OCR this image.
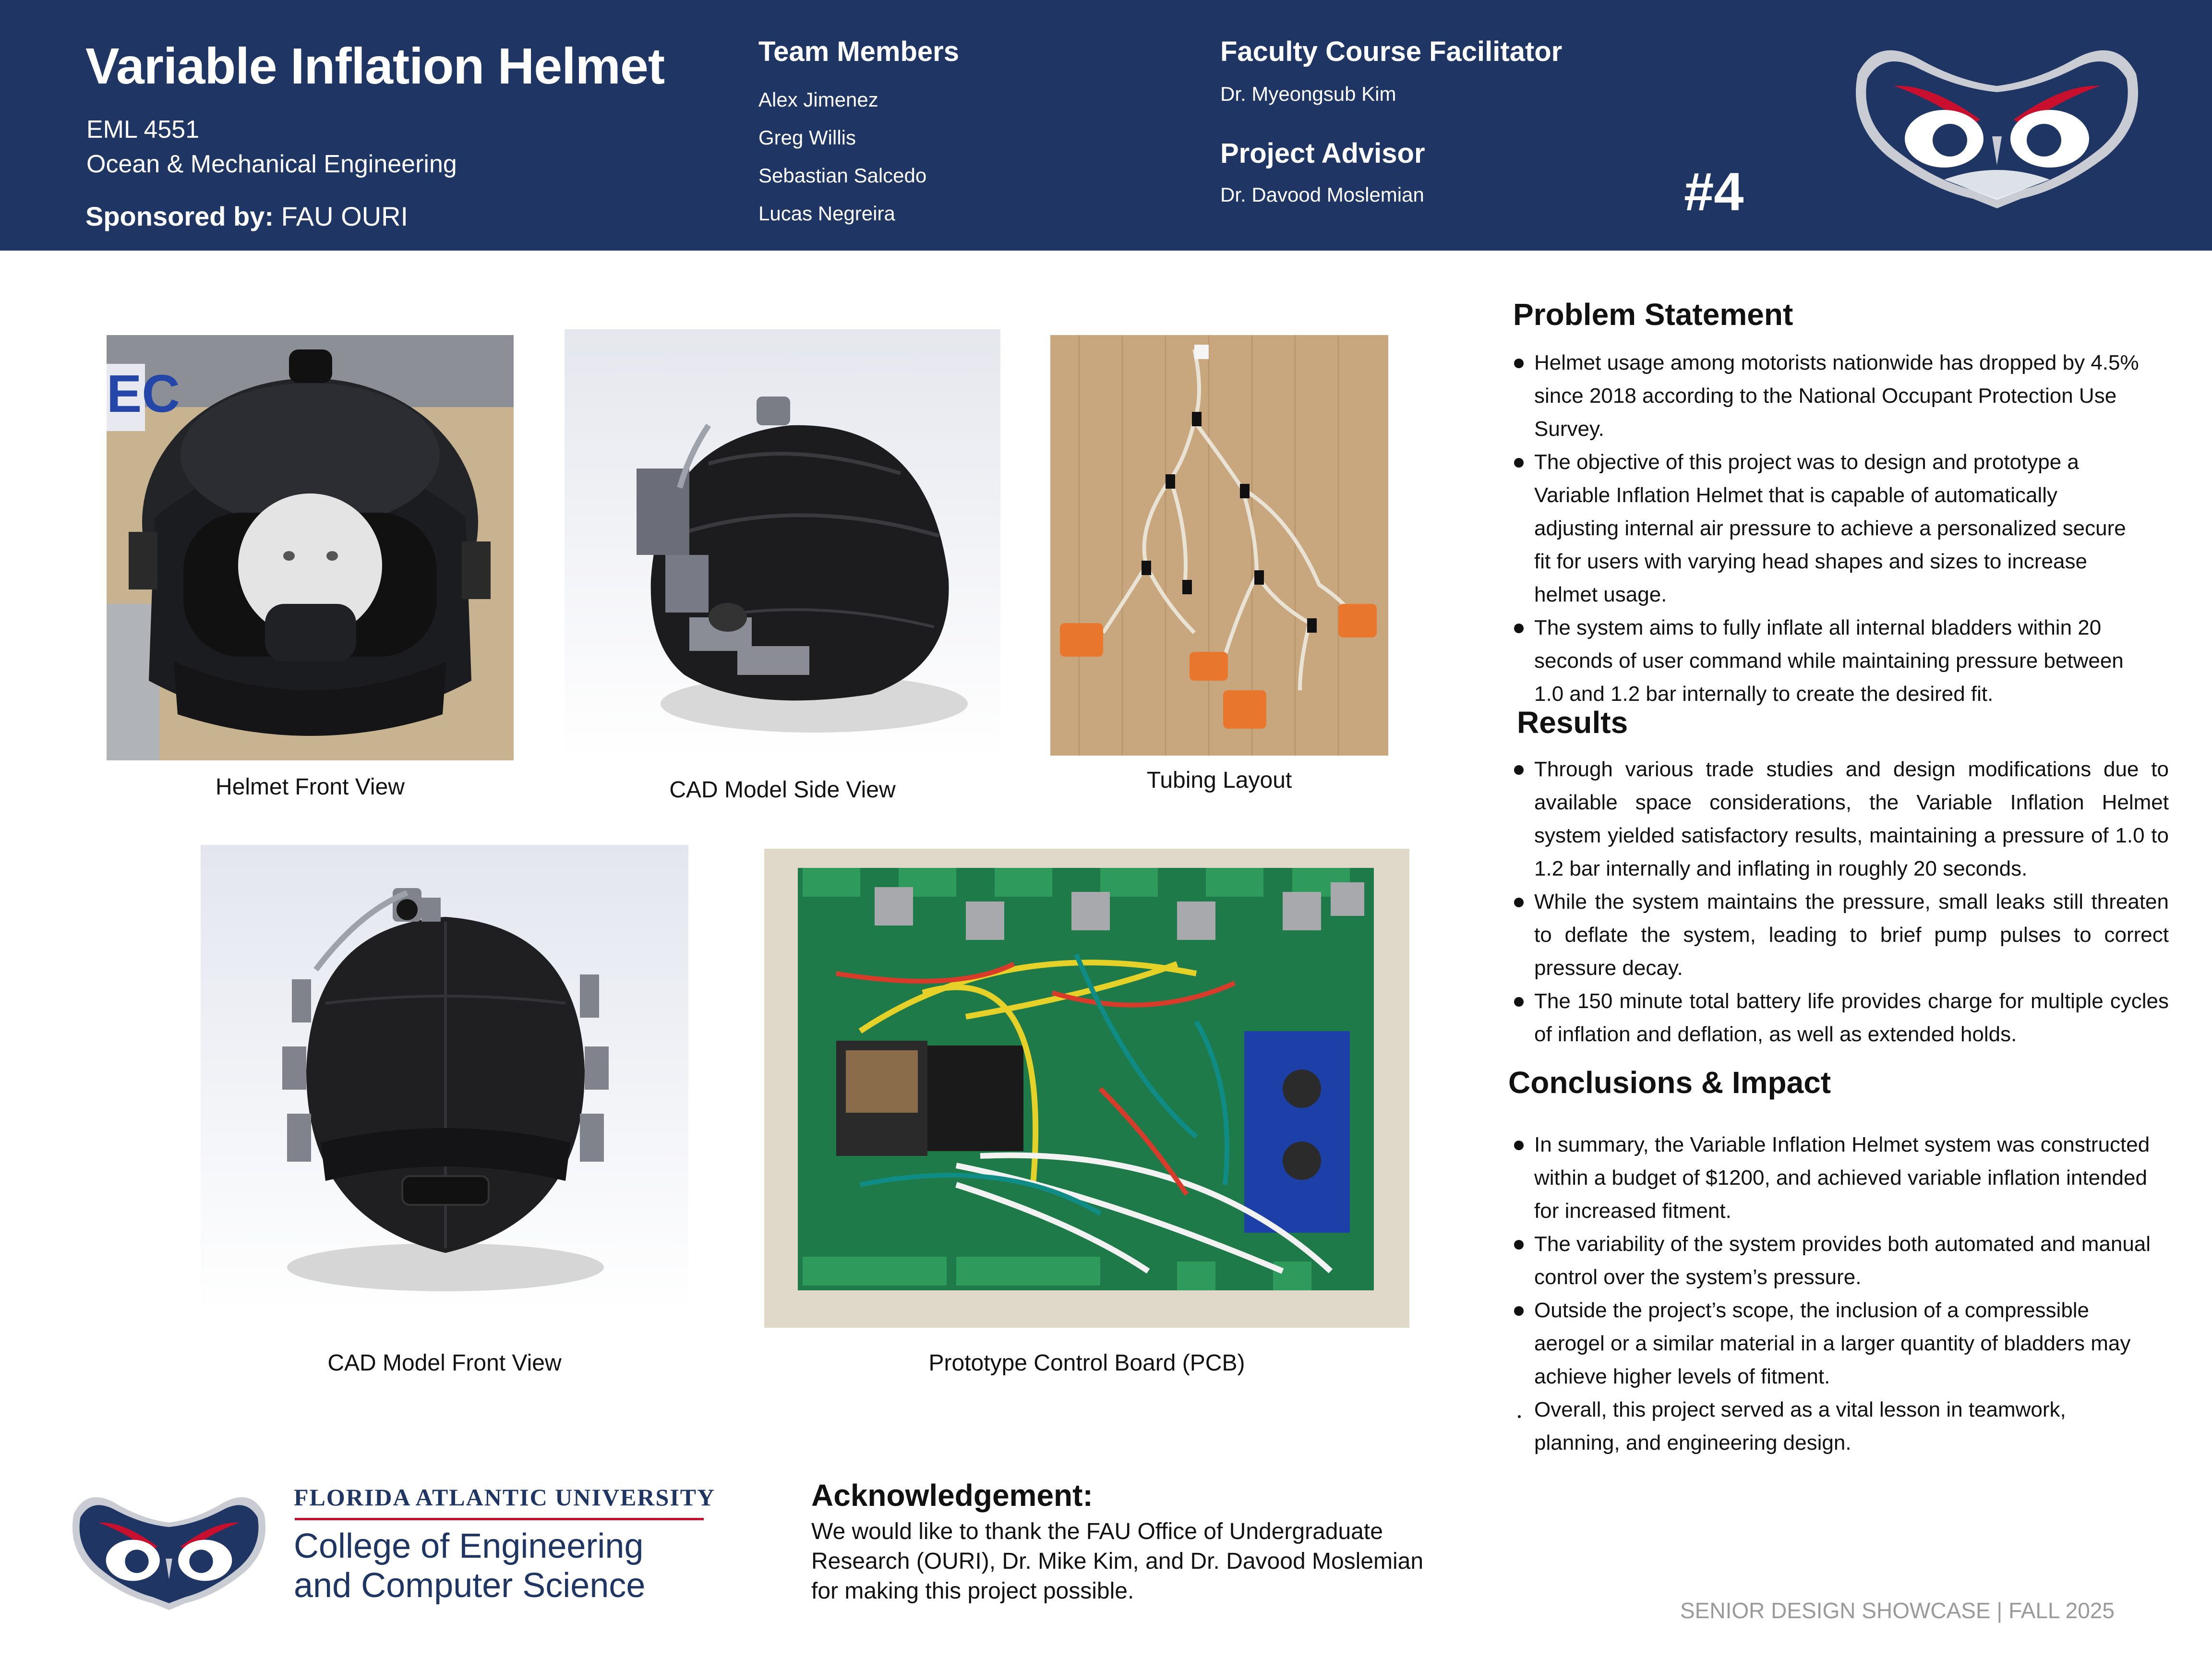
Variable Inflation Helmet
EML 4551
Ocean & Mechanical Engineering
Sponsored by: FAU OURI
Team Members
Alex Jimenez
Greg Willis
Sebastian Salcedo
Lucas Negreira
Faculty Course Facilitator
Dr. Myeongsub Kim
Project Advisor
Dr. Davood Moslemian	#4
EC
Helmet Front View	CAD Model Side View	Tubing Layout
CAD Model Front View	Prototype Control Board (PCB)
Problem Statement
Helmet usage among motorists nationwide has dropped by 4.5% since 2018 according to the National Occupant Protection Use Survey.
The objective of this project was to design and prototype a Variable Inflation Helmet that is capable of automatically adjusting internal air pressure to achieve a personalized secure fit for users with varying head shapes and sizes to increase helmet usage.
The system aims to fully inflate all internal bladders within 20 seconds of user command while maintaining pressure between 1.0 and 1.2 bar internally to create the desired fit.
Results
Through various trade studies and design modifications due to available space considerations, the Variable Inflation Helmet system yielded satisfactory results, maintaining a pressure of 1.0 to 1.2 bar internally and inflating in roughly 20 seconds.
While the system maintains the pressure, small leaks still threaten to deflate the system, leading to brief pump pulses to correct pressure decay.
The 150 minute total battery life provides charge for multiple cycles of inflation and deflation, as well as extended holds.
Conclusions & Impact
In summary, the Variable Inflation Helmet system was constructed within a budget of $1200, and achieved variable inflation intended for increased fitment.
The variability of the system provides both automated and manual control over the system’s pressure.
Outside the project’s scope, the inclusion of a compressible aerogel or a similar material in a larger quantity of bladders may achieve higher levels of fitment.
Overall, this project served as a vital lesson in teamwork, planning, and engineering design.
FLORIDA ATLANTIC UNIVERSITY
College of Engineering
and Computer Science
Acknowledgement:
We would like to thank the FAU Office of Undergraduate Research (OURI), Dr. Mike Kim, and Dr. Davood Moslemian for making this project possible.
SENIOR DESIGN SHOWCASE | FALL 2025
